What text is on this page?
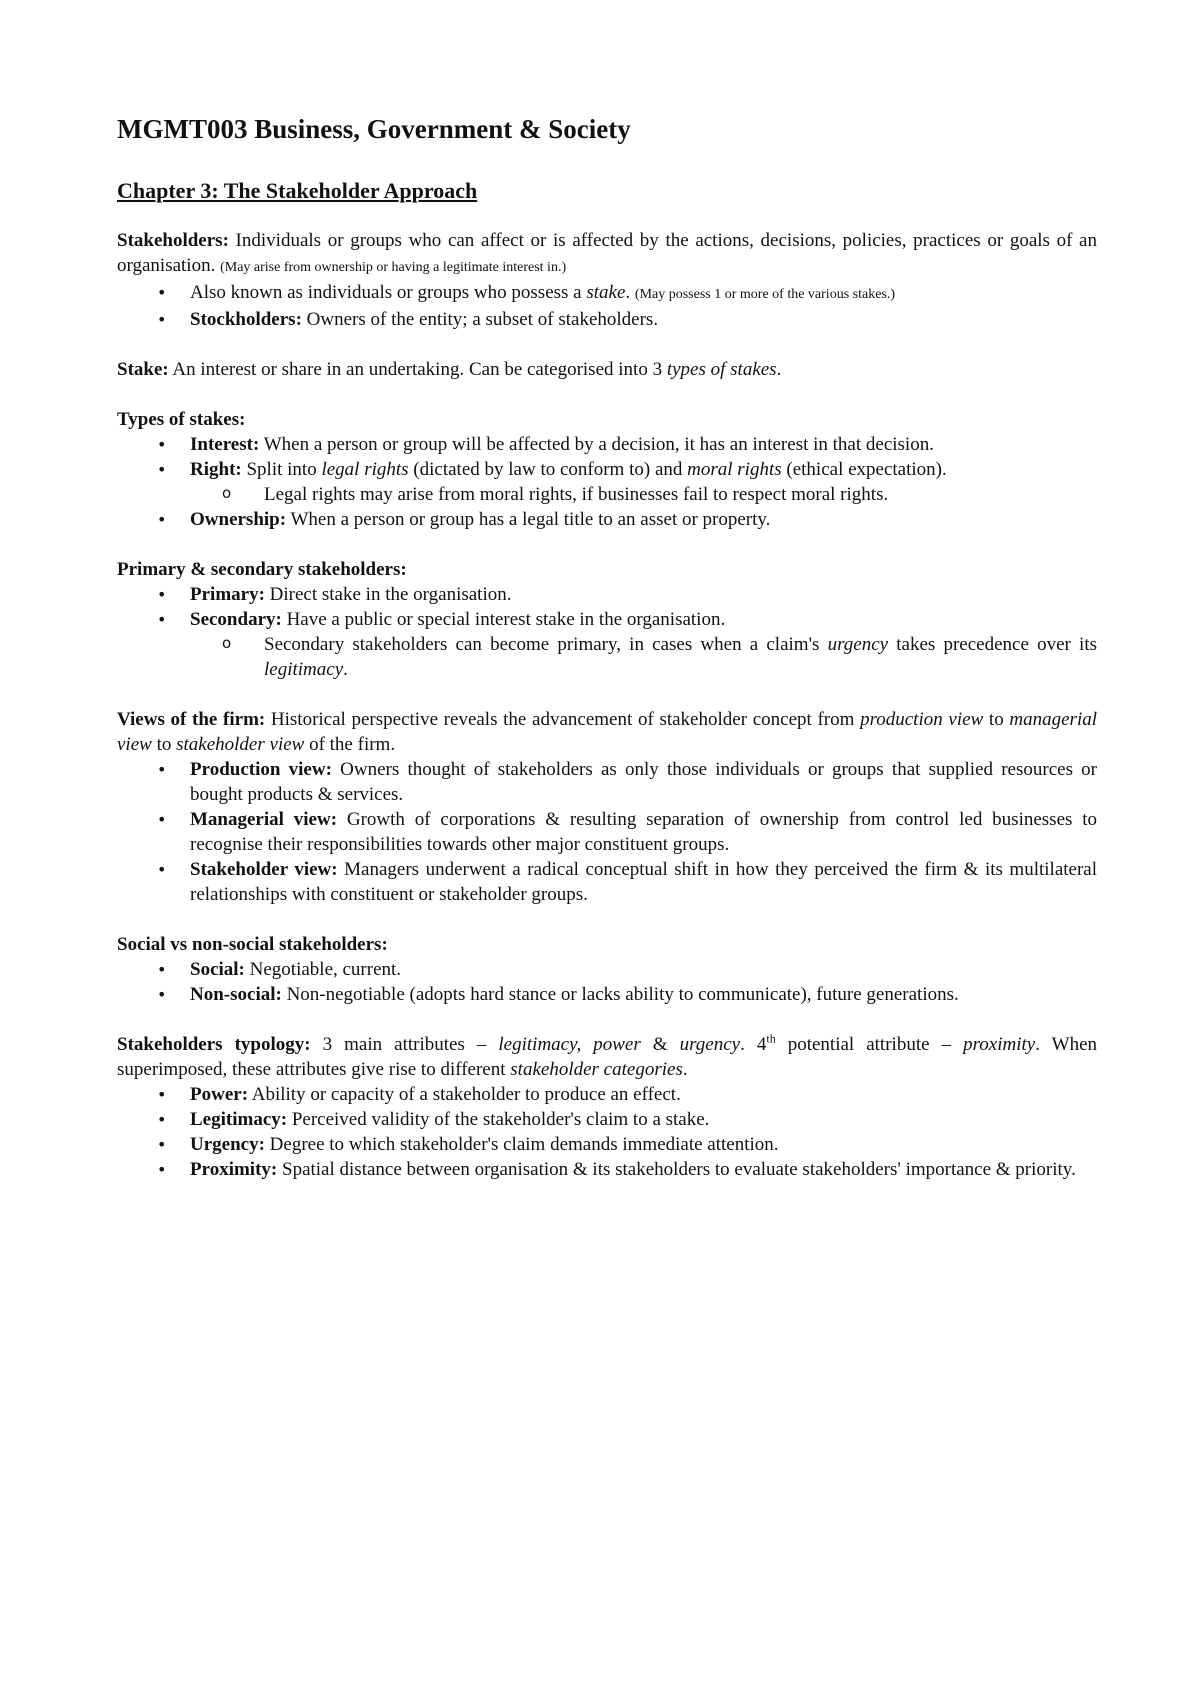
MGMT003 Business, Government & Society
Chapter 3: The Stakeholder Approach

Stakeholders: Individuals or groups who can affect or is affected by the actions, decisions, policies, practices or goals of an organisation. (May arise from ownership or having a legitimate interest in.)

• Also known as individuals or groups who possess a stake. (May possess 1 or more of the various stakes.)
• Stockholders: Owners of the entity; a subset of stakeholders.

Stake: An interest or share in an undertaking. Can be categorised into 3 types of stakes.

Types of stakes:

• Interest: When a person or group will be affected by a decision, it has an interest in that decision.
• Right: Split into legal rights (dictated by law to conform to) and moral rights (ethical expectation).
o Legal rights may arise from moral rights, if businesses fail to respect moral rights.
• Ownership: When a person or group has a legal title to an asset or property.

Primary & secondary stakeholders:

• Primary: Direct stake in the organisation.
• Secondary: Have a public or special interest stake in the organisation.
o Secondary stakeholders can become primary, in cases when a claim's urgency takes precedence over its legitimacy.

Views of the firm: Historical perspective reveals the advancement of stakeholder concept from production view to managerial view to stakeholder view of the firm.

• Production view: Owners thought of stakeholders as only those individuals or groups that supplied resources or bought products & services.
• Managerial view: Growth of corporations & resulting separation of ownership from control led businesses to recognise their responsibilities towards other major constituent groups.
• Stakeholder view: Managers underwent a radical conceptual shift in how they perceived the firm & its multilateral relationships with constituent or stakeholder groups.

Social vs non-social stakeholders:

• Social: Negotiable, current.
• Non-social: Non-negotiable (adopts hard stance or lacks ability to communicate), future generations.

Stakeholders typology: 3 main attributes – legitimacy, power & urgency. 4th potential attribute – proximity. When superimposed, these attributes give rise to different stakeholder categories.

• Power: Ability or capacity of a stakeholder to produce an effect.
• Legitimacy: Perceived validity of the stakeholder's claim to a stake.
• Urgency: Degree to which stakeholder's claim demands immediate attention.
• Proximity: Spatial distance between organisation & its stakeholders to evaluate stakeholders' importance & priority.
